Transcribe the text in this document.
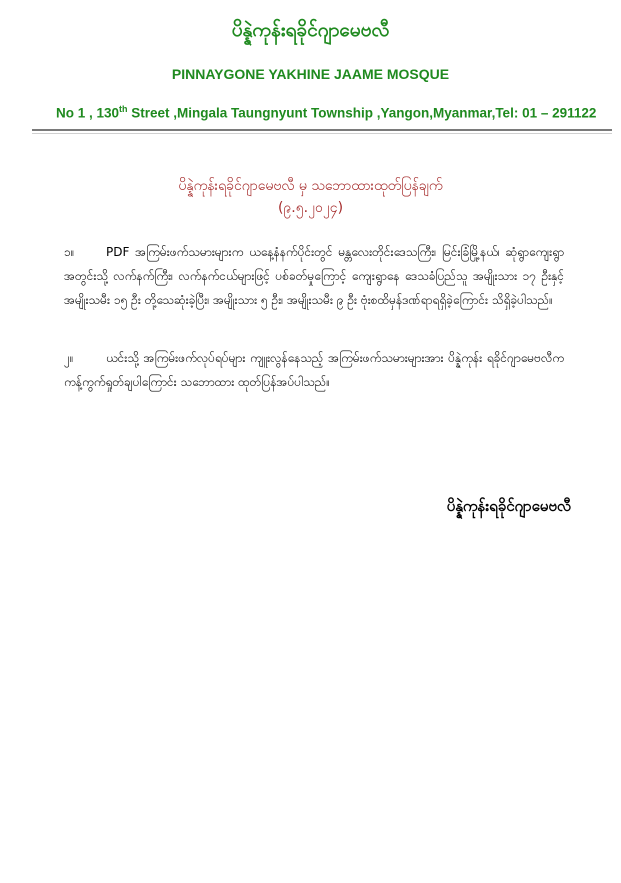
ပိန္နဲကုန်းရခိုင်ဂျာမေဗလီ
PINNAYGONE YAKHINE JAAME MOSQUE
No 1 , 130th Street ,Mingala Taungnyunt Township ,Yangon,Myanmar,Tel: 01 – 291122
ပိန္နဲကုန်းရခိုင်ဂျာမေဗလီ မှ သဘောထားထုတ်ပြန်ချက်
(၉.၅.၂၀၂၄)
၁။	PDF အကြမ်းဖက်သမားများက ယနေ့နံနက်ပိုင်းတွင် မန္တလေးတိုင်းဒေသကြီး၊ မြင်းခြံမြို့နယ်၊ ဆုံရွာကျေးရွာ အတွင်းသို့ လက်နက်ကြီး၊ လက်နက်ငယ်များဖြင့် ပစ်ခတ်မှုကြောင့် ကျေးရွာနေ ဒေသခံပြည်သူ အမျိုးသား ၁၇ ဦးနှင့် အမျိုးသမီး ၁၅ ဦး တို့သေဆုံးခဲ့ပြီး၊ အမျိုးသား ၅ ဦး၊ အမျိုးသမီး ၉ ဦး ဗုံးစထိမှန်ဒဏ်ရာရရှိခဲ့ကြောင်း သိရှိခဲ့ပါသည်။
၂။	ယင်းသို့ အကြမ်းဖက်လုပ်ရပ်များ ကျူးလွန်နေသည့် အကြမ်းဖက်သမားများအား ပိန္နဲကုန်း ရခိုင်ဂျာမေဗလီက ကန့်ကွက်ရှုတ်ချပါကြောင်း သဘောထား ထုတ်ပြန်အပ်ပါသည်။
ပိန္နဲကုန်းရခိုင်ဂျာမေဗလီ
